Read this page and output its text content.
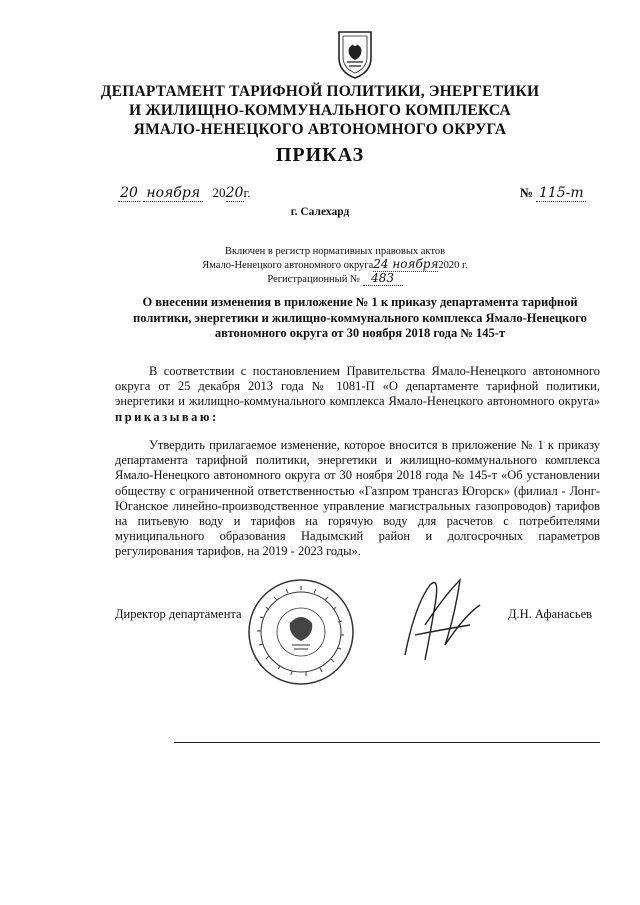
ДЕПАРТАМЕНТ ТАРИФНОЙ ПОЛИТИКИ, ЭНЕРГЕТИКИ
И ЖИЛИЩНО-КОММУНАЛЬНОГО КОМПЛЕКСА
ЯМАЛО-НЕНЕЦКОГО АВТОНОМНОГО ОКРУГА
ПРИКАЗ
20 ноября 2020г.	№ 115-т
г. Салехард
Включен в регистр нормативных правовых актов
Ямало-Ненецкого автономного округа24 ноября2020 г.
Регистрационный № 483
О внесении изменения в приложение № 1 к приказу департамента тарифной политики, энергетики и жилищно-коммунального комплекса Ямало-Ненецкого автономного округа от 30 ноября 2018 года № 145-т
В соответствии с постановлением Правительства Ямало-Ненецкого автономного округа от 25 декабря 2013 года № 1081-П «О департаменте тарифной политики, энергетики и жилищно-коммунального комплекса Ямало-Ненецкого автономного округа» приказываю:
Утвердить прилагаемое изменение, которое вносится в приложение № 1 к приказу департамента тарифной политики, энергетики и жилищно-коммунального комплекса Ямало-Ненецкого автономного округа от 30 ноября 2018 года № 145-т «Об установлении обществу с ограниченной ответственностью «Газпром трансгаз Югорск» (филиал - Лонг-Юганское линейно-производственное управление магистральных газопроводов) тарифов на питьевую воду и тарифов на горячую воду для расчетов с потребителями муниципального образования Надымский район и долгосрочных параметров регулирования тарифов, на 2019 - 2023 годы».
Директор департамента	Д.Н. Афанасьев
